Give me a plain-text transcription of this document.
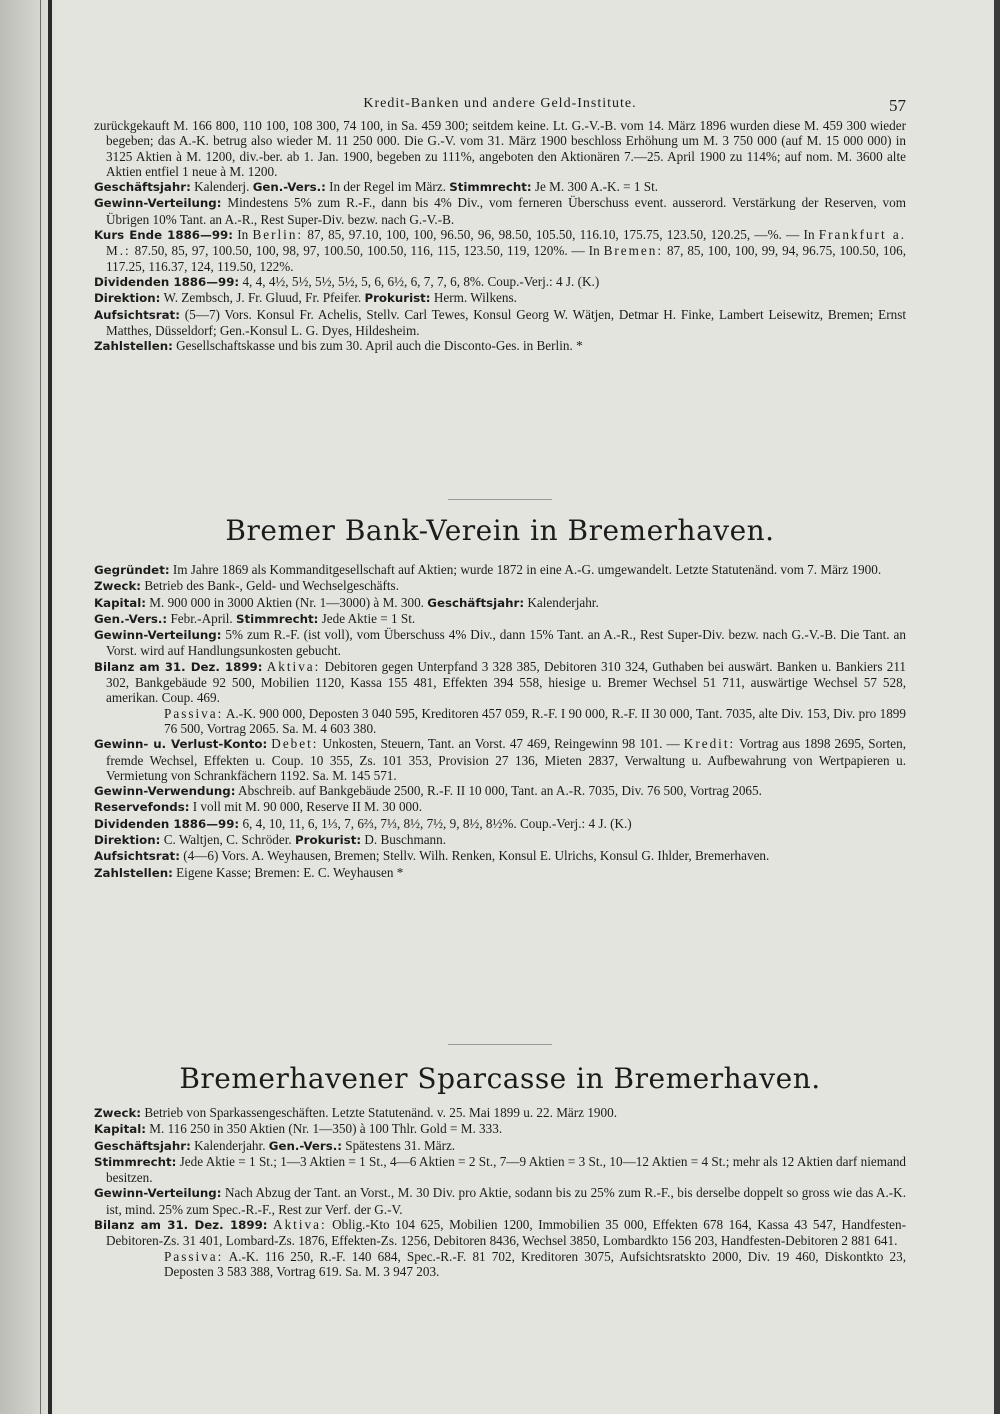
Kredit-Banken und andere Geld-Institute.	57

zurückgekauft M. 166 800, 110 100, 108 300, 74 100, in Sa. 459 300; seitdem keine. Lt. G.-V.-B. vom 14. März 1896 wurden diese M. 459 300 wieder begeben; das A.-K. betrug also wieder M. 11 250 000. Die G.-V. vom 31. März 1900 beschloss Erhöhung um M. 3 750 000 (auf M. 15 000 000) in 3125 Aktien à M. 1200, div.-ber. ab 1. Jan. 1900, begeben zu 111%, angeboten den Aktionären 7.—25. April 1900 zu 114%; auf nom. M. 3600 alte Aktien entfiel 1 neue à M. 1200.

Geschäftsjahr: Kalenderj. Gen.-Vers.: In der Regel im März. Stimmrecht: Je M. 300 A.-K. = 1 St.

Gewinn-Verteilung: Mindestens 5% zum R.-F., dann bis 4% Div., vom ferneren Überschuss event. ausserord. Verstärkung der Reserven, vom Übrigen 10% Tant. an A.-R., Rest Super-Div. bezw. nach G.-V.-B.

Kurs Ende 1886—99: In Berlin: 87, 85, 97.10, 100, 100, 96.50, 96, 98.50, 105.50, 116.10, 175.75, 123.50, 120.25, —%. — In Frankfurt a. M.: 87.50, 85, 97, 100.50, 100, 98, 97, 100.50, 100.50, 116, 115, 123.50, 119, 120%. — In Bremen: 87, 85, 100, 100, 99, 94, 96.75, 100.50, 106, 117.25, 116.37, 124, 119.50, 122%.

Dividenden 1886—99: 4, 4, 4½, 5½, 5½, 5½, 5, 6, 6½, 6, 7, 7, 6, 8%. Coup.-Verj.: 4 J. (K.)

Direktion: W. Zembsch, J. Fr. Gluud, Fr. Pfeifer. Prokurist: Herm. Wilkens.

Aufsichtsrat: (5—7) Vors. Konsul Fr. Achelis, Stellv. Carl Tewes, Konsul Georg W. Wätjen, Detmar H. Finke, Lambert Leisewitz, Bremen; Ernst Matthes, Düsseldorf; Gen.-Konsul L. G. Dyes, Hildesheim.

Zahlstellen: Gesellschaftskasse und bis zum 30. April auch die Disconto-Ges. in Berlin. *

Bremer Bank-Verein in Bremerhaven.

Gegründet: Im Jahre 1869 als Kommanditgesellschaft auf Aktien; wurde 1872 in eine A.-G. umgewandelt. Letzte Statutenänd. vom 7. März 1900.

Zweck: Betrieb des Bank-, Geld- und Wechselgeschäfts.

Kapital: M. 900 000 in 3000 Aktien (Nr. 1—3000) à M. 300. Geschäftsjahr: Kalenderjahr.

Gen.-Vers.: Febr.-April. Stimmrecht: Jede Aktie = 1 St.

Gewinn-Verteilung: 5% zum R.-F. (ist voll), vom Überschuss 4% Div., dann 15% Tant. an A.-R., Rest Super-Div. bezw. nach G.-V.-B. Die Tant. an Vorst. wird auf Handlungsunkosten gebucht.

Bilanz am 31. Dez. 1899: Aktiva: Debitoren gegen Unterpfand 3 328 385, Debitoren 310 324, Guthaben bei auswärt. Banken u. Bankiers 211 302, Bankgebäude 92 500, Mobilien 1120, Kassa 155 481, Effekten 394 558, hiesige u. Bremer Wechsel 51 711, auswärtige Wechsel 57 528, amerikan. Coup. 469.

Passiva: A.-K. 900 000, Deposten 3 040 595, Kreditoren 457 059, R.-F. I 90 000, R.-F. II 30 000, Tant. 7035, alte Div. 153, Div. pro 1899 76 500, Vortrag 2065. Sa. M. 4 603 380.

Gewinn- u. Verlust-Konto: Debet: Unkosten, Steuern, Tant. an Vorst. 47 469, Reingewinn 98 101. — Kredit: Vortrag aus 1898 2695, Sorten, fremde Wechsel, Effekten u. Coup. 10 355, Zs. 101 353, Provision 27 136, Mieten 2837, Verwaltung u. Aufbewahrung von Wertpapieren u. Vermietung von Schrankfächern 1192. Sa. M. 145 571.

Gewinn-Verwendung: Abschreib. auf Bankgebäude 2500, R.-F. II 10 000, Tant. an A.-R. 7035, Div. 76 500, Vortrag 2065.

Reservefonds: I voll mit M. 90 000, Reserve II M. 30 000.

Dividenden 1886—99: 6, 4, 10, 11, 6, 1⅓, 7, 6⅔, 7⅓, 8½, 7½, 9, 8½, 8½%. Coup.-Verj.: 4 J. (K.)

Direktion: C. Waltjen, C. Schröder. Prokurist: D. Buschmann.

Aufsichtsrat: (4—6) Vors. A. Weyhausen, Bremen; Stellv. Wilh. Renken, Konsul E. Ulrichs, Konsul G. Ihlder, Bremerhaven.

Zahlstellen: Eigene Kasse; Bremen: E. C. Weyhausen *

Bremerhavener Sparcasse in Bremerhaven.

Zweck: Betrieb von Sparkassengeschäften. Letzte Statutenänd. v. 25. Mai 1899 u. 22. März 1900.

Kapital: M. 116 250 in 350 Aktien (Nr. 1—350) à 100 Thlr. Gold = M. 333.

Geschäftsjahr: Kalenderjahr. Gen.-Vers.: Spätestens 31. März.

Stimmrecht: Jede Aktie = 1 St.; 1—3 Aktien = 1 St., 4—6 Aktien = 2 St., 7—9 Aktien = 3 St., 10—12 Aktien = 4 St.; mehr als 12 Aktien darf niemand besitzen.

Gewinn-Verteilung: Nach Abzug der Tant. an Vorst., M. 30 Div. pro Aktie, sodann bis zu 25% zum R.-F., bis derselbe doppelt so gross wie das A.-K. ist, mind. 25% zum Spec.-R.-F., Rest zur Verf. der G.-V.

Bilanz am 31. Dez. 1899: Aktiva: Oblig.-Kto 104 625, Mobilien 1200, Immobilien 35 000, Effekten 678 164, Kassa 43 547, Handfesten-Debitoren-Zs. 31 401, Lombard-Zs. 1876, Effekten-Zs. 1256, Debitoren 8436, Wechsel 3850, Lombardkto 156 203, Handfesten-Debitoren 2 881 641.

Passiva: A.-K. 116 250, R.-F. 140 684, Spec.-R.-F. 81 702, Kreditoren 3075, Aufsichtsratskto 2000, Div. 19 460, Diskontkto 23, Deposten 3 583 388, Vortrag 619. Sa. M. 3 947 203.
